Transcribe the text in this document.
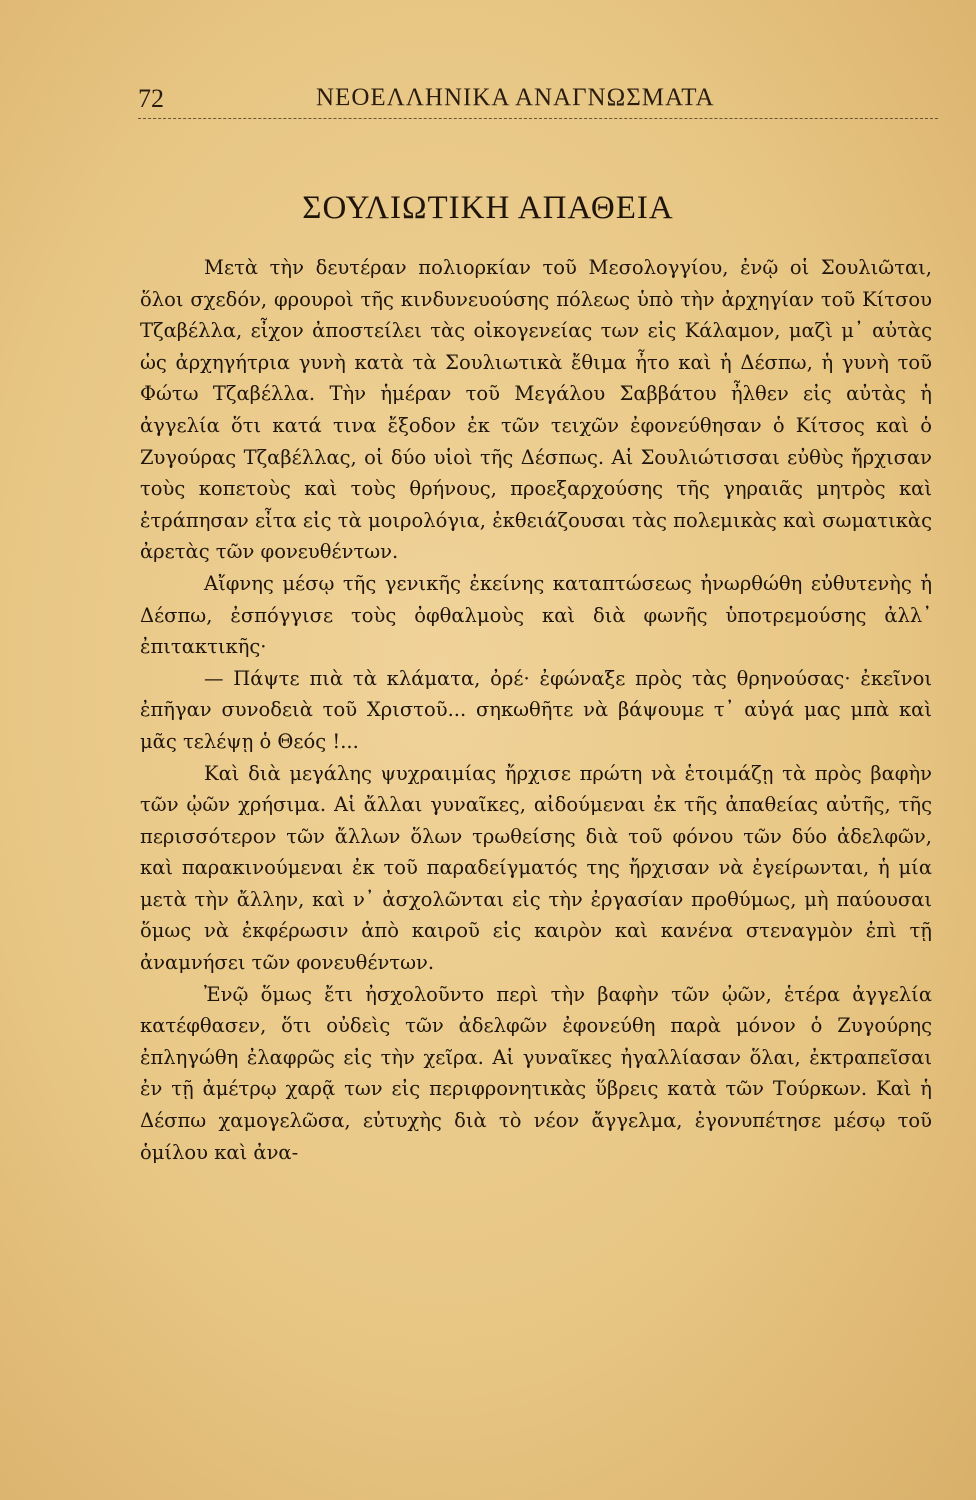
72	ΝΕΟΕΛΛΗΝΙΚΑ ΑΝΑΓΝΩΣΜΑΤΑ
ΣΟΥΛΙΩΤΙΚΗ ΑΠΑΘΕΙΑ

Μετὰ τὴν δευτέραν πολιορκίαν τοῦ Μεσολογγίου, ἐνῷ οἱ Σουλιῶται, ὅλοι σχεδόν, φρουροὶ τῆς κινδυνευούσης πόλεως ὑπὸ τὴν ἀρχηγίαν τοῦ Κίτσου Τζαβέλλα, εἶχον ἀποστείλει τὰς οἰκογενείας των εἰς Κάλαμον, μαζὶ μ᾽ αὐτὰς ὡς ἀρχηγήτρια γυνὴ κατὰ τὰ Σουλιωτικὰ ἔθιμα ἦτο καὶ ἡ Δέσπω, ἡ γυνὴ τοῦ Φώτω Τζαβέλλα. Τὴν ἡμέραν τοῦ Μεγάλου Σαββάτου ἦλθεν εἰς αὐτὰς ἡ ἀγγελία ὅτι κατά τινα ἔξοδον ἐκ τῶν τειχῶν ἐφονεύθησαν ὁ Κίτσος καὶ ὁ Ζυγούρας Τζαβέλλας, οἱ δύο υἱοὶ τῆς Δέσπως. Αἱ Σουλιώτισσαι εὐθὺς ἤρχισαν τοὺς κοπετοὺς καὶ τοὺς θρήνους, προεξαρχούσης τῆς γηραιᾶς μητρὸς καὶ ἐτράπησαν εἶτα εἰς τὰ μοιρολόγια, ἐκθειάζουσαι τὰς πολεμικὰς καὶ σωματικὰς ἀρετὰς τῶν φονευθέντων.

Αἴφνης μέσῳ τῆς γενικῆς ἐκείνης καταπτώσεως ἠνωρθώθη εὐθυτενὴς ἡ Δέσπω, ἐσπόγγισε τοὺς ὀφθαλμοὺς καὶ διὰ φωνῆς ὑποτρεμούσης ἀλλ᾽ ἐπιτακτικῆς·

— Πάψτε πιὰ τὰ κλάματα, ὀρέ· ἐφώναξε πρὸς τὰς θρηνούσας· ἐκεῖνοι ἐπῆγαν συνοδειὰ τοῦ Χριστοῦ... σηκωθῆτε νὰ βάψουμε τ᾽ αὐγά μας μπὰ καὶ μᾶς τελέψῃ ὁ Θεός !...

Καὶ διὰ μεγάλης ψυχραιμίας ἤρχισε πρώτη νὰ ἑτοιμάζῃ τὰ πρὸς βαφὴν τῶν ᾠῶν χρήσιμα. Αἱ ἄλλαι γυναῖκες, αἰδούμεναι ἐκ τῆς ἀπαθείας αὐτῆς, τῆς περισσότερον τῶν ἄλλων ὅλων τρωθείσης διὰ τοῦ φόνου τῶν δύο ἀδελφῶν, καὶ παρακινούμεναι ἐκ τοῦ παραδείγματός της ἤρχισαν νὰ ἐγείρωνται, ἡ μία μετὰ τὴν ἄλλην, καὶ ν᾽ ἀσχολῶνται εἰς τὴν ἐργασίαν προθύμως, μὴ παύουσαι ὅμως νὰ ἐκφέρωσιν ἀπὸ καιροῦ εἰς καιρὸν καὶ κανένα στεναγμὸν ἐπὶ τῇ ἀναμνήσει τῶν φονευθέντων.

Ἐνῷ ὅμως ἔτι ἠσχολοῦντο περὶ τὴν βαφὴν τῶν ᾠῶν, ἑτέρα ἀγγελία κατέφθασεν, ὅτι οὐδεὶς τῶν ἀδελφῶν ἐφονεύθη παρὰ μόνον ὁ Ζυγούρης ἐπληγώθη ἐλαφρῶς εἰς τὴν χεῖρα. Αἱ γυναῖκες ἠγαλλίασαν ὅλαι, ἐκτραπεῖσαι ἐν τῇ ἀμέτρῳ χαρᾷ των εἰς περιφρονητικὰς ὕβρεις κατὰ τῶν Τούρκων. Καὶ ἡ Δέσπω χαμογελῶσα, εὐτυχὴς διὰ τὸ νέον ἄγγελμα, ἐγονυπέτησε μέσῳ τοῦ ὁμίλου καὶ ἀνα-
